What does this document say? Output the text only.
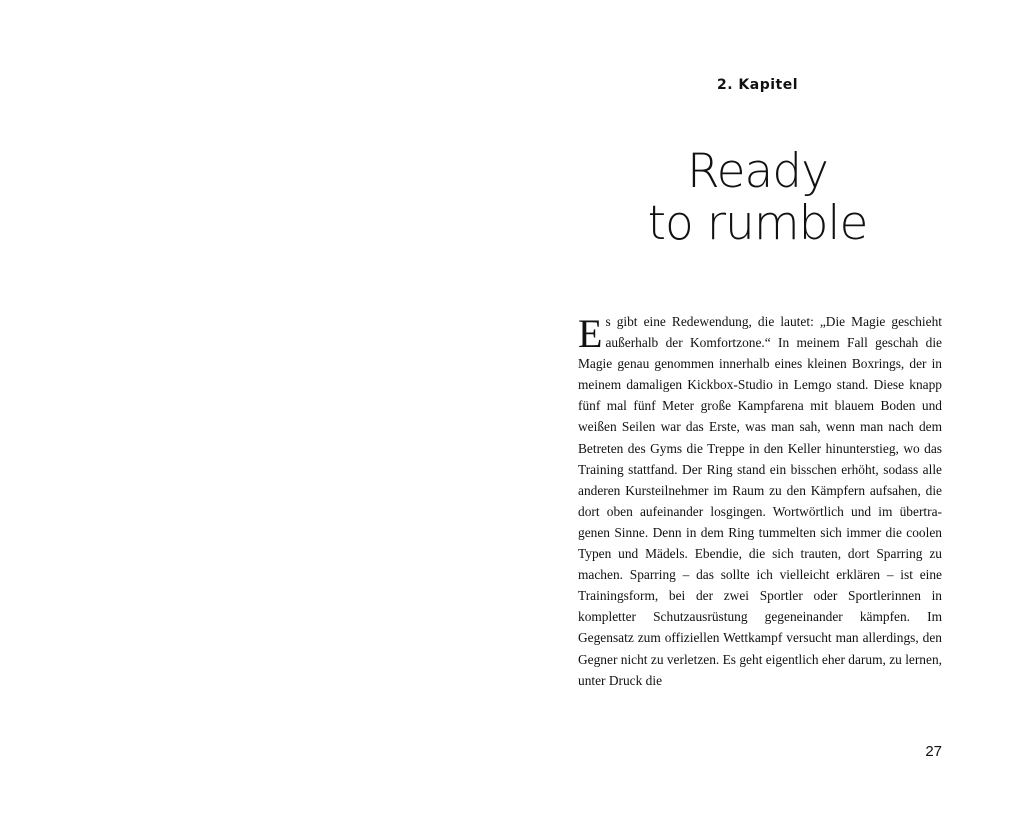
2. Kapitel
Ready
to rumble
Es gibt eine Redewendung, die lautet: „Die Magie geschieht außerhalb der Komfortzone.“ In meinem Fall geschah die Magie genau genommen innerhalb eines kleinen Boxrings, der in meinem damaligen Kickbox-Studio in Lemgo stand. Diese knapp fünf mal fünf Meter große Kampfarena mit blauem Boden und weißen Seilen war das Erste, was man sah, wenn man nach dem Betreten des Gyms die Treppe in den Keller hinunterstieg, wo das Training stattfand. Der Ring stand ein bisschen erhöht, sodass alle anderen Kursteilnehmer im Raum zu den Kämpfern aufsahen, die dort oben aufeinander losgingen. Wortwörtlich und im übertragenen Sinne. Denn in dem Ring tummelten sich immer die coolen Typen und Mädels. Ebendie, die sich trauten, dort Sparring zu machen. Sparring – das sollte ich vielleicht erklären – ist eine Trainingsform, bei der zwei Sportler oder Sportlerinnen in kompletter Schutzausrüstung gegeneinander kämpfen. Im Gegensatz zum offiziellen Wettkampf versucht man allerdings, den Gegner nicht zu verletzen. Es geht eigentlich eher darum, zu lernen, unter Druck die
27
